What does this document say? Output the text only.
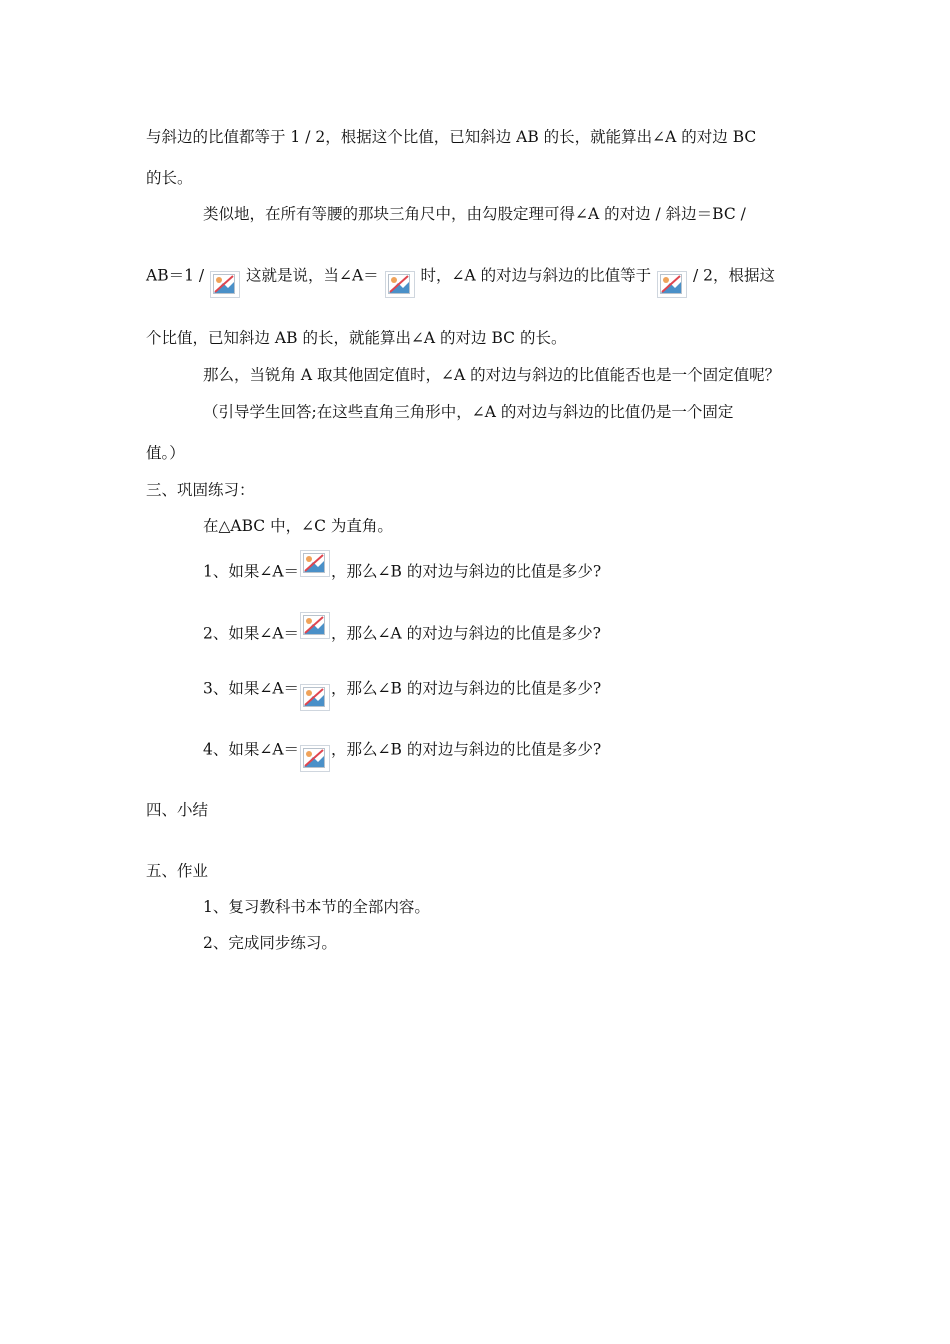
与斜边的比值都等于 1 / 2，根据这个比值，已知斜边 AB 的长，就能算出∠A 的对边 BC
的长。
类似地，在所有等腰的那块三角尺中，由勾股定理可得∠A 的对边 / 斜边＝BC /
AB＝1 /	这就是说，当∠A＝	时，∠A 的对边与斜边的比值等于	/ 2，根据这
个比值，已知斜边 AB 的长，就能算出∠A 的对边 BC 的长。
那么，当锐角 A 取其他固定值时，∠A 的对边与斜边的比值能否也是一个固定值呢？
（引导学生回答;在这些直角三角形中，∠A 的对边与斜边的比值仍是一个固定
值。）
三、巩固练习：
在△ABC 中，∠C 为直角。
1、如果∠A＝ ，那么∠B 的对边与斜边的比值是多少?
2、如果∠A＝ ，那么∠A 的对边与斜边的比值是多少?
3、如果∠A＝ ，那么∠B 的对边与斜边的比值是多少?
4、如果∠A＝ ，那么∠B 的对边与斜边的比值是多少?
四、小结
五、作业
1、复习教科书本节的全部内容。
2、完成同步练习。
